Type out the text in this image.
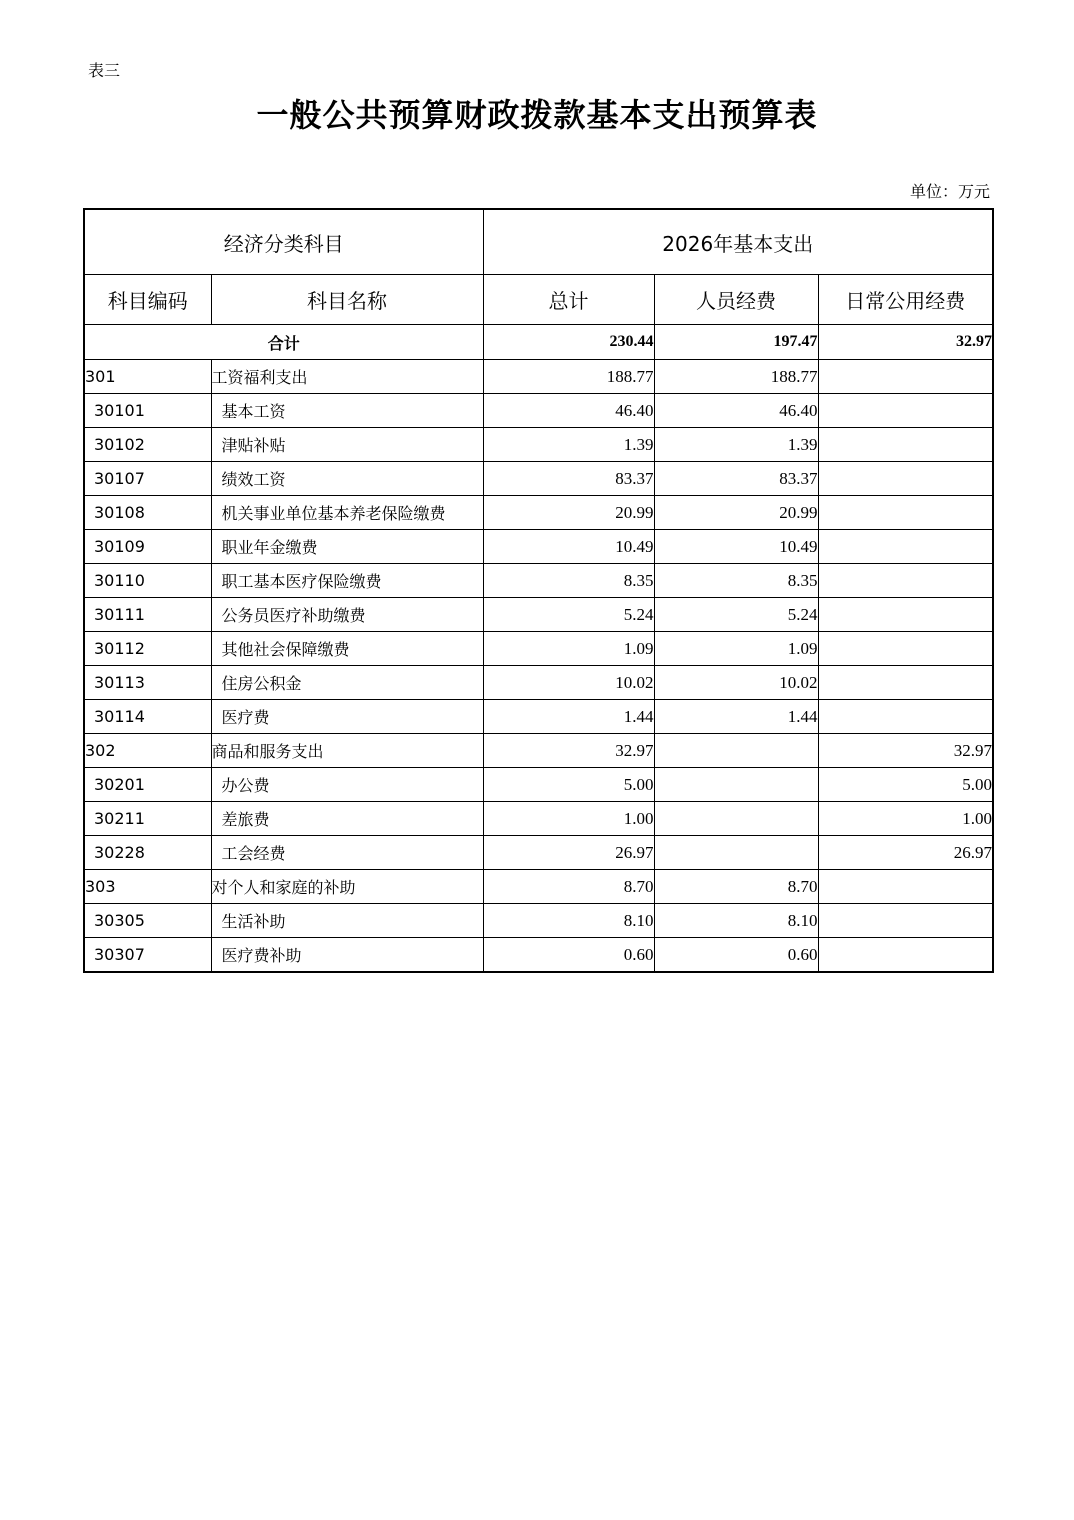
表三
一般公共预算财政拨款基本支出预算表
单位：万元
经济分类科目		2026年基本支出		
科目编码	科目名称	总计	人员经费	日常公用经费
合计		230.44	197.47	32.97
301	工资福利支出	188.77	188.77	
30101	基本工资	46.40	46.40	
30102	津贴补贴	1.39	1.39	
30107	绩效工资	83.37	83.37	
30108	机关事业单位基本养老保险缴费	20.99	20.99	
30109	职业年金缴费	10.49	10.49	
30110	职工基本医疗保险缴费	8.35	8.35	
30111	公务员医疗补助缴费	5.24	5.24	
30112	其他社会保障缴费	1.09	1.09	
30113	住房公积金	10.02	10.02	
30114	医疗费	1.44	1.44	
302	商品和服务支出	32.97		32.97
30201	办公费	5.00		5.00
30211	差旅费	1.00		1.00
30228	工会经费	26.97		26.97
303	对个人和家庭的补助	8.70	8.70	
30305	生活补助	8.10	8.10	
30307	医疗费补助	0.60	0.60	
